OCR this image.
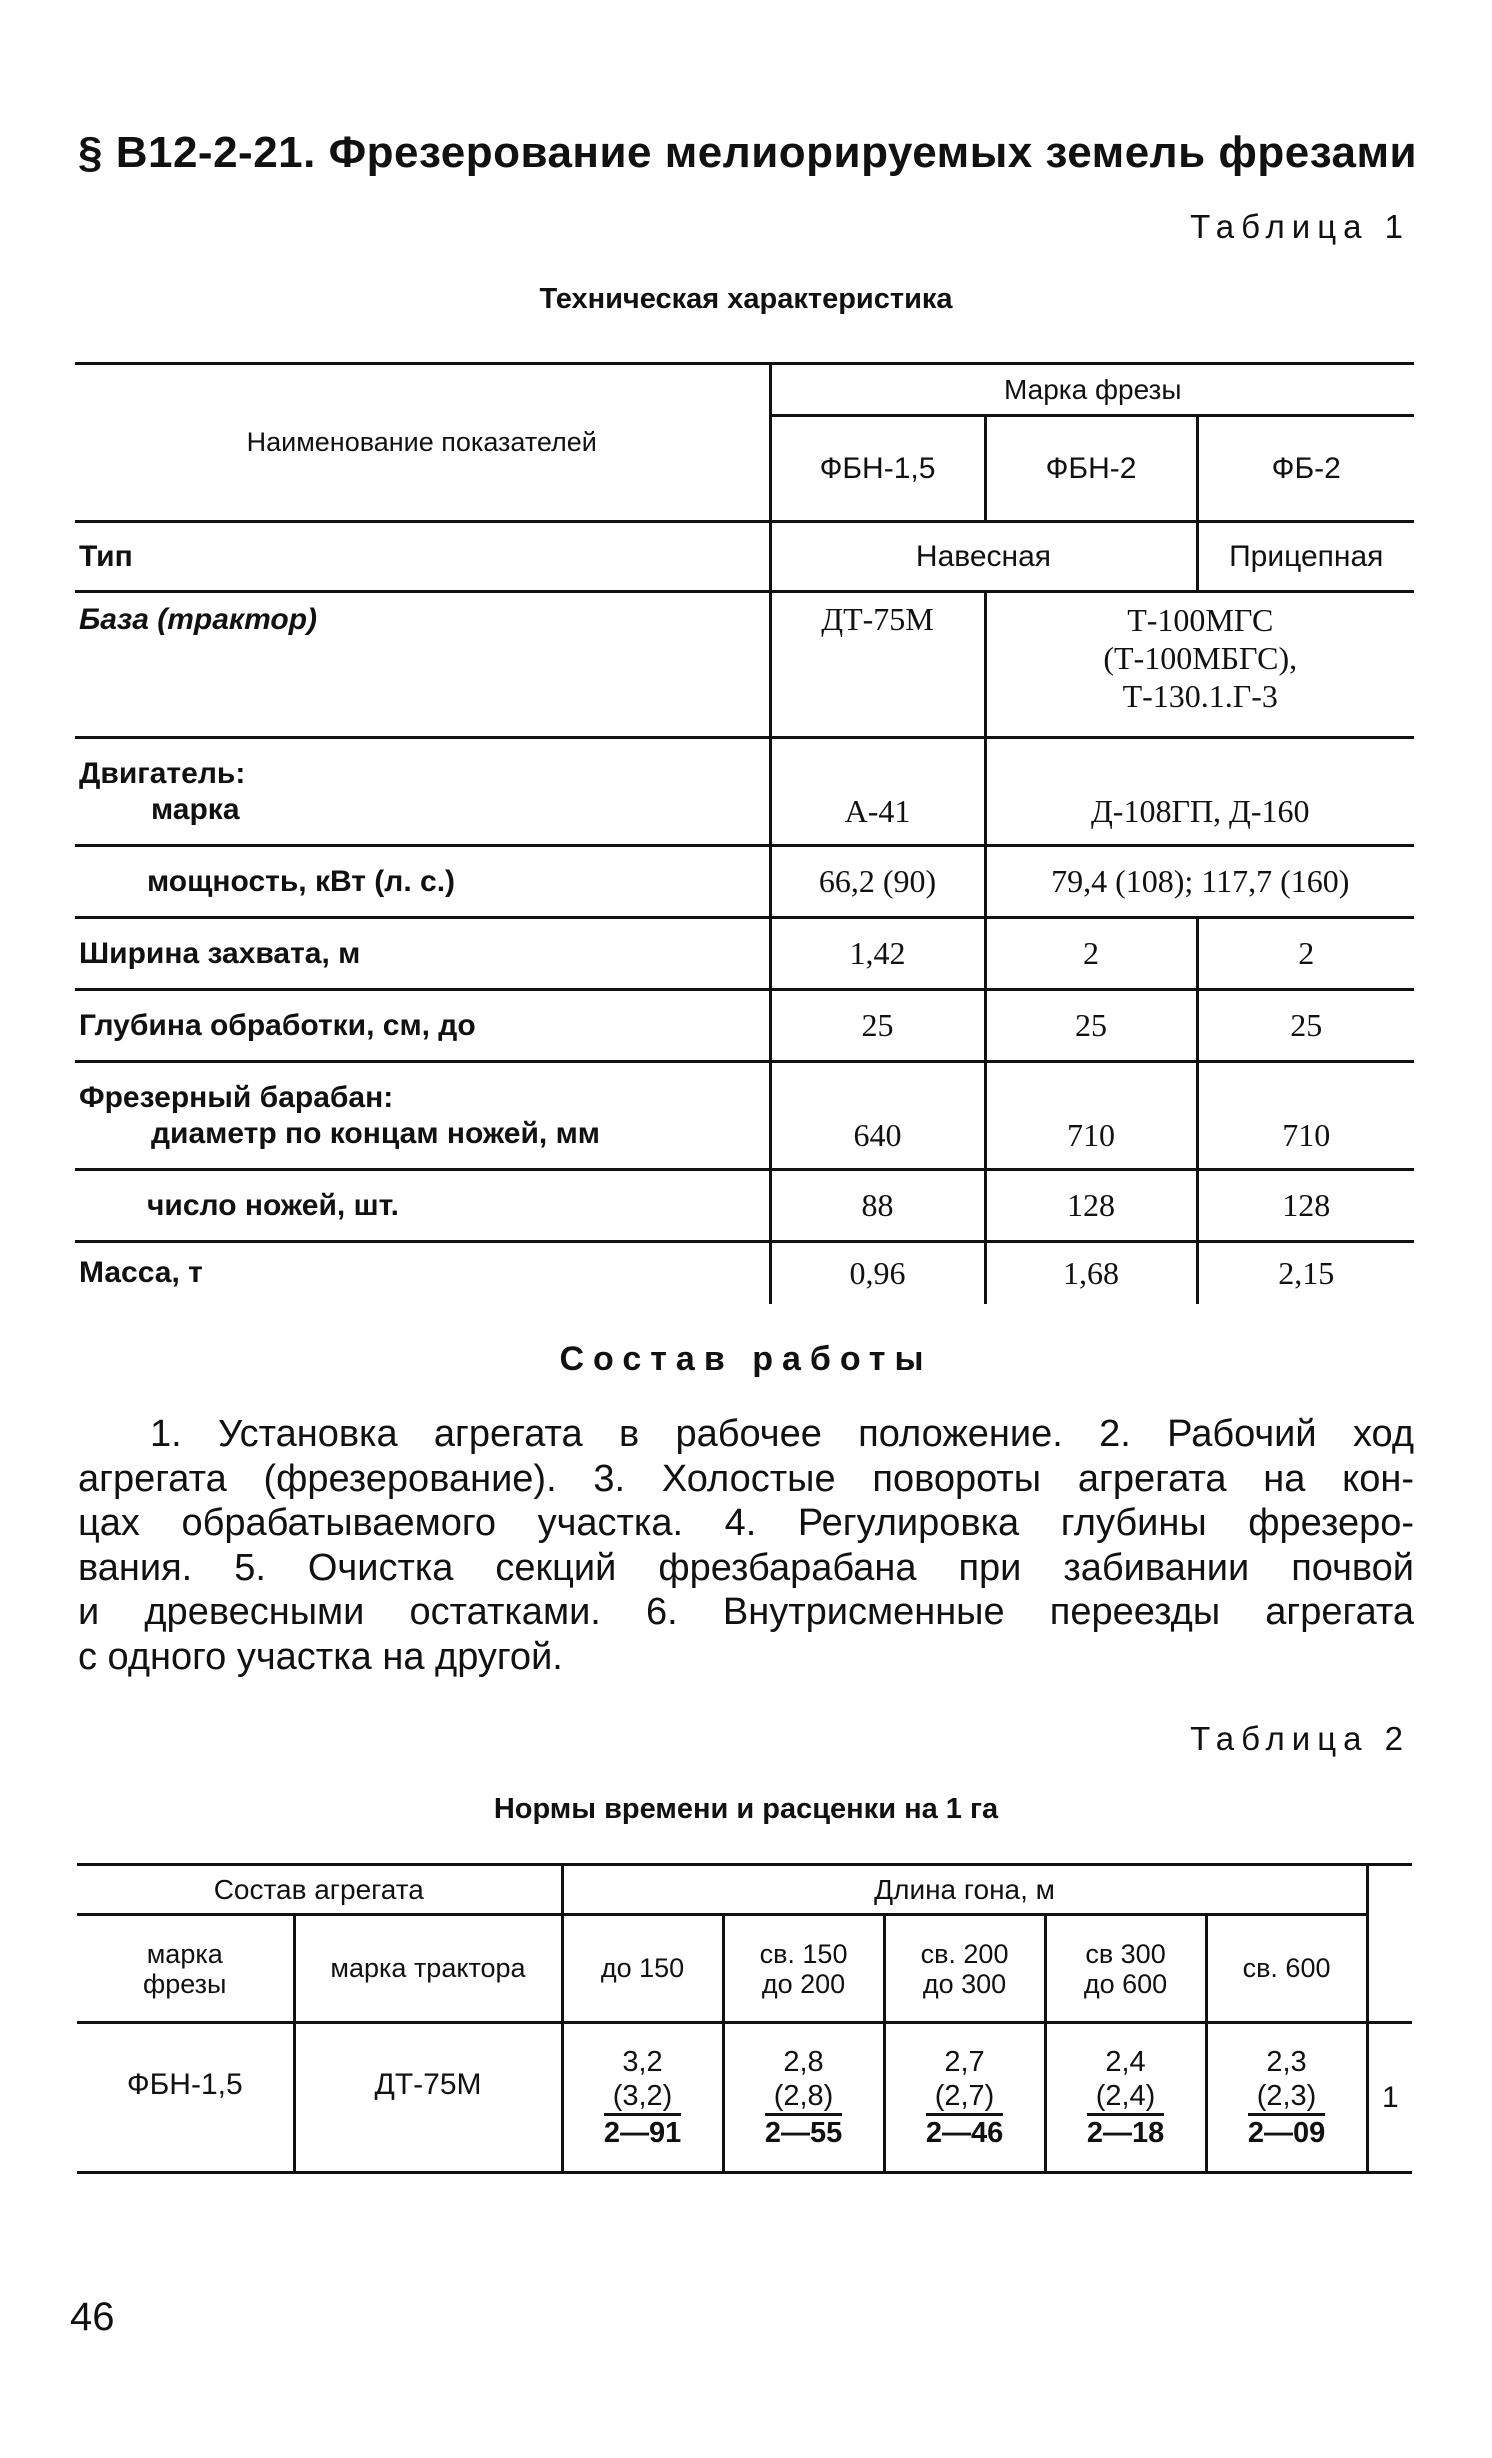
§ В12-2-21. Фрезерование мелиорируемых земель фрезами
Таблица 1
Техническая характеристика
Наименование показателей	Марка фрезы		
	ФБН-1,5	ФБН-2	ФБ-2
Тип	Навесная		Прицепная
База (трактор)	ДТ-75М	Т-100МГС (Т-100МБГС), Т-130.1.Г-3	

Двигатель:
марка	А-41	Д-108ГП, Д-160	
мощность, кВт (л. с.)	66,2 (90)	79,4 (108); 117,7 (160)	
Ширина захвата, м	1,42	2	2
Глубина обработки, см, до	25	25	25

Фрезерный барабан:
диаметр по концам ножей, мм	640	710	710
число ножей, шт.	88	128	128
Масса, т	0,96	1,68	2,15
Состав работы
1. Установка агрегата в рабочее положение. 2. Рабочий ход
агрегата (фрезерование). 3. Холостые повороты агрегата на кон-
цах обрабатываемого участка. 4. Регулировка глубины фрезеро-
вания. 5. Очистка секций фрезбарабана при забивании почвой
и древесными остатками. 6. Внутрисменные переезды агрегата
с одного участка на другой.
Таблица 2
Нормы времени и расценки на 1 га
Состав агрегата		Длина гона, м					
марка фрезы	марка трактора	до 150	св. 150 до 200	св. 200 до 300	св 300 до 600	св. 600	
ФБН-1,5	ДТ-75М	3,2
(3,2)
2—91	2,8
(2,8)
2—55	2,7
(2,7)
2—46	2,4
(2,4)
2—18	2,3
(2,3)
2—09	1
46
